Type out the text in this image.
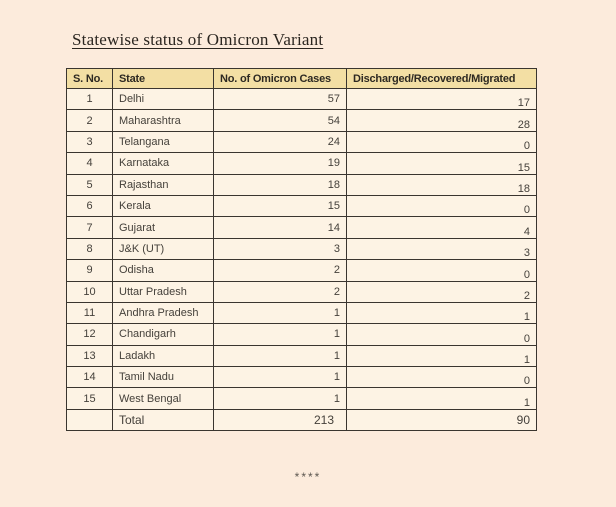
Statewise status of Omicron Variant
S. No.	State	No. of Omicron Cases	Discharged/Recovered/Migrated
1	Delhi	57	17
2	Maharashtra	54	28
3	Telangana	24	0
4	Karnataka	19	15
5	Rajasthan	18	18
6	Kerala	15	0
7	Gujarat	14	4
8	J&K (UT)	3	3
9	Odisha	2	0
10	Uttar Pradesh	2	2
11	Andhra Pradesh	1	1
12	Chandigarh	1	0
13	Ladakh	1	1
14	Tamil Nadu	1	0
15	West Bengal	1	1
	Total	213	90
****
